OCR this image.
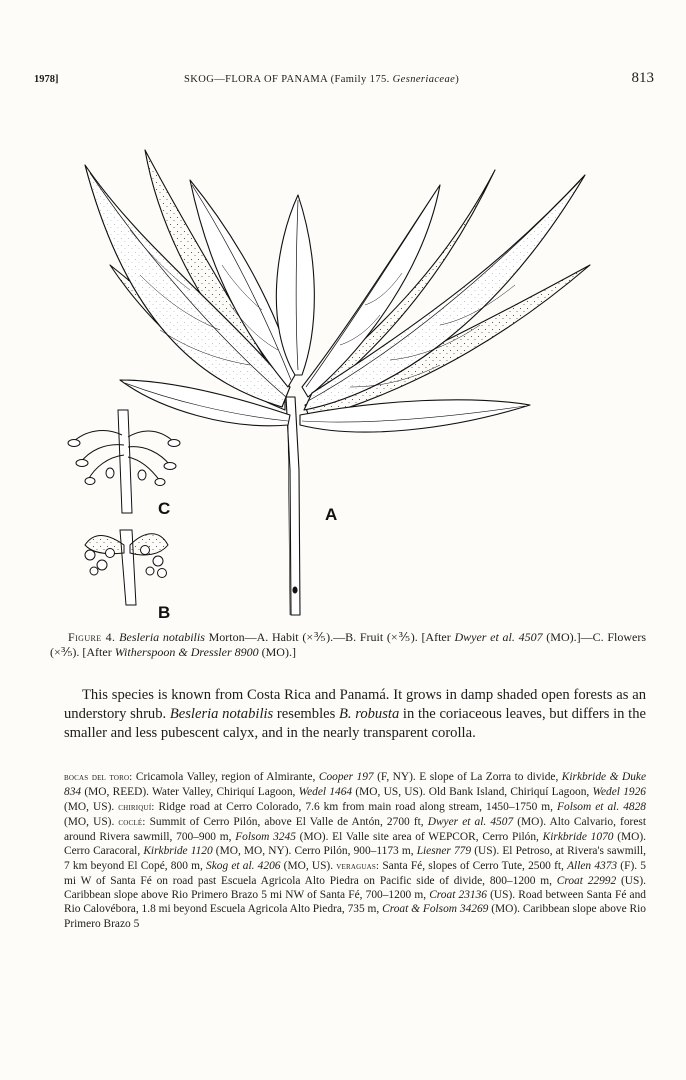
1978]	SKOG—FLORA OF PANAMA (Family 175. Gesneriaceae)	813
A
B
C
Figure 4. Besleria notabilis Morton—A. Habit (×⅗).—B. Fruit (×⅗). [After Dwyer et al. 4507 (MO).]—C. Flowers (×⅗). [After Witherspoon & Dressler 8900 (MO).]
This species is known from Costa Rica and Panamá. It grows in damp shaded open forests as an understory shrub. Besleria notabilis resembles B. robusta in the coriaceous leaves, but differs in the smaller and less pubescent calyx, and in the nearly transparent corolla.
bocas del toro: Cricamola Valley, region of Almirante, Cooper 197 (F, NY). E slope of La Zorra to divide, Kirkbride & Duke 834 (MO, REED). Water Valley, Chiriquí Lagoon, Wedel 1464 (MO, US, US). Old Bank Island, Chiriquí Lagoon, Wedel 1926 (MO, US). chiriquí: Ridge road at Cerro Colorado, 7.6 km from main road along stream, 1450–1750 m, Folsom et al. 4828 (MO, US). coclé: Summit of Cerro Pilón, above El Valle de Antón, 2700 ft, Dwyer et al. 4507 (MO). Alto Calvario, forest around Rivera sawmill, 700–900 m, Folsom 3245 (MO). El Valle site area of WEPCOR, Cerro Pilón, Kirkbride 1070 (MO). Cerro Caracoral, Kirkbride 1120 (MO, MO, NY). Cerro Pilón, 900–1173 m, Liesner 779 (US). El Petroso, at Rivera's sawmill, 7 km beyond El Copé, 800 m, Skog et al. 4206 (MO, US). veraguas: Santa Fé, slopes of Cerro Tute, 2500 ft, Allen 4373 (F). 5 mi W of Santa Fé on road past Escuela Agricola Alto Piedra on Pacific side of divide, 800–1200 m, Croat 22992 (US). Caribbean slope above Rio Primero Brazo 5 mi NW of Santa Fé, 700–1200 m, Croat 23136 (US). Road between Santa Fé and Rio Calovébora, 1.8 mi beyond Escuela Agricola Alto Piedra, 735 m, Croat & Folsom 34269 (MO). Caribbean slope above Rio Primero Brazo 5
